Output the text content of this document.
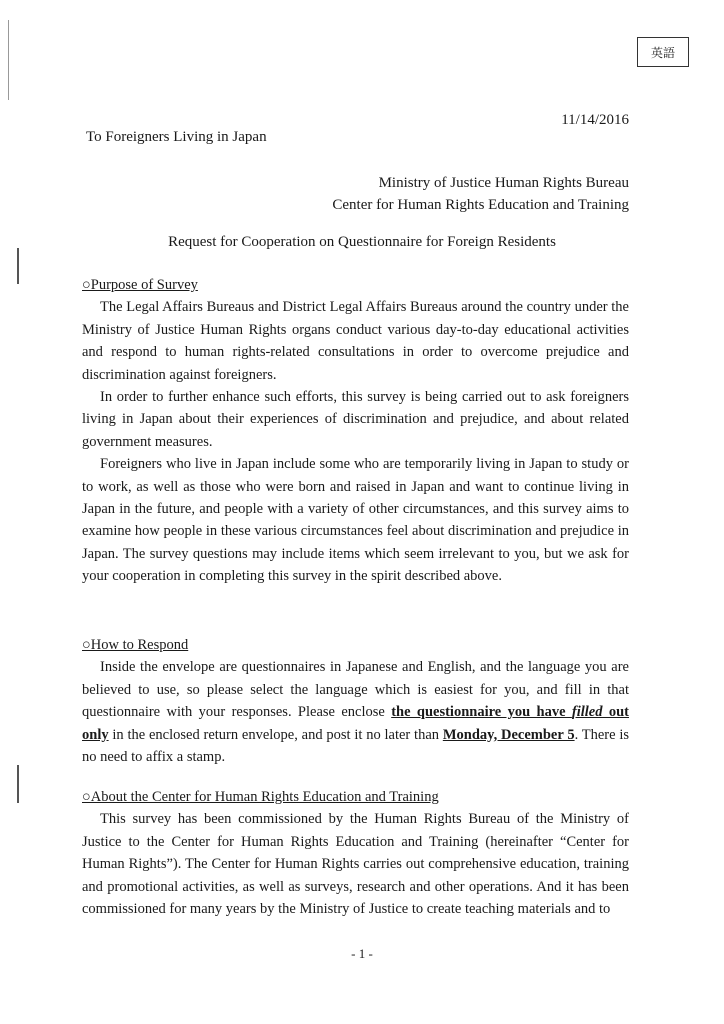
英語
11/14/2016
To Foreigners Living in Japan
Ministry of Justice Human Rights Bureau
Center for Human Rights Education and Training
Request for Cooperation on Questionnaire for Foreign Residents
○Purpose of Survey

The Legal Affairs Bureaus and District Legal Affairs Bureaus around the country under the Ministry of Justice Human Rights organs conduct various day-to-day educational activities and respond to human rights-related consultations in order to overcome prejudice and discrimination against foreigners.

In order to further enhance such efforts, this survey is being carried out to ask foreigners living in Japan about their experiences of discrimination and prejudice, and about related government measures.

Foreigners who live in Japan include some who are temporarily living in Japan to study or to work, as well as those who were born and raised in Japan and want to continue living in Japan in the future, and people with a variety of other circumstances, and this survey aims to examine how people in these various circumstances feel about discrimination and prejudice in Japan. The survey questions may include items which seem irrelevant to you, but we ask for your cooperation in completing this survey in the spirit described above.

○How to Respond

Inside the envelope are questionnaires in Japanese and English, and the language you are believed to use, so please select the language which is easiest for you, and fill in that questionnaire with your responses. Please enclose the questionnaire you have filled out only in the enclosed return envelope, and post it no later than Monday, December 5. There is no need to affix a stamp.

○About the Center for Human Rights Education and Training

This survey has been commissioned by the Human Rights Bureau of the Ministry of Justice to the Center for Human Rights Education and Training (hereinafter “Center for Human Rights”). The Center for Human Rights carries out comprehensive education, training and promotional activities, as well as surveys, research and other operations. And it has been commissioned for many years by the Ministry of Justice to create teaching materials and to

- 1 -
